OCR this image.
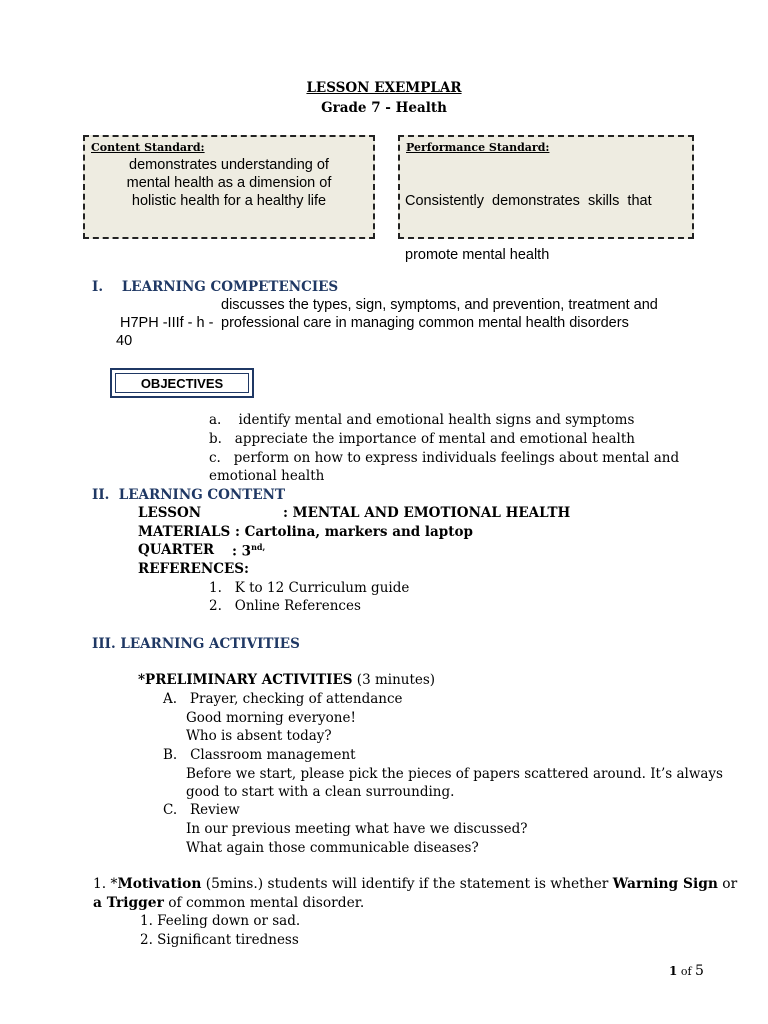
LESSON EXEMPLAR
Grade 7 - Health
Content Standard:
demonstrates understanding of
mental health as a dimension of
holistic health for a healthy life
Performance Standard:

Consistently  demonstrates  skills  that

promote mental health

I.    LEARNING COMPETENCIES
discusses the types, sign, symptoms, and prevention, treatment and
H7PH -IIIf - h - professional care in managing common mental health disorders
40
OBJECTIVES
a.    identify mental and emotional health signs and symptoms
b.   appreciate the importance of mental and emotional health
c.   perform on how to express individuals feelings about mental and
emotional health
II.  LEARNING CONTENT
LESSON	: MENTAL AND EMOTIONAL HEALTH
MATERIALS : Cartolina, markers and laptop
QUARTER : $3^{nd,}$
REFERENCES:
1.   K to 12 Curriculum guide
2.   Online References
III. LEARNING ACTIVITIES
*PRELIMINARY ACTIVITIES (3 minutes)
A.   Prayer, checking of attendance
Good morning everyone!
Who is absent today?
B.   Classroom management
Before we start, please pick the pieces of papers scattered around. It’s always
good to start with a clean surrounding.
C.   Review
In our previous meeting what have we discussed?
What again those communicable diseases?
1. *Motivation (5mins.) students will identify if the statement is whether Warning Sign or
a Trigger of common mental disorder.
1. Feeling down or sad.
2. Significant tiredness
1 of 5
